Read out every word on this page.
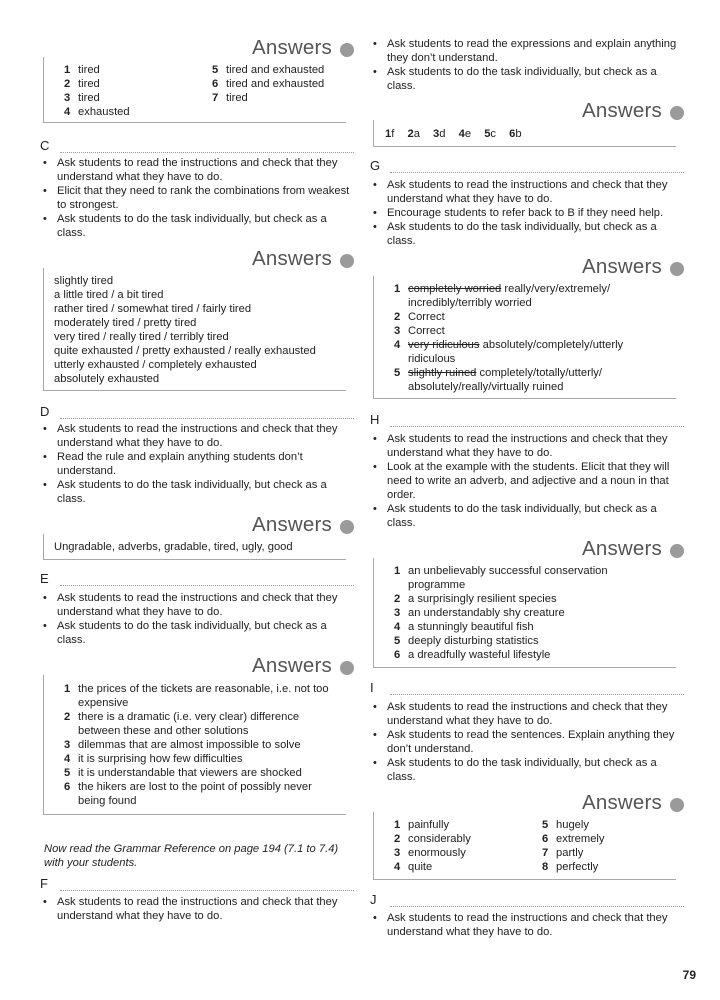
Answers
1 tired
2 tired
3 tired
4 exhausted
5 tired and exhausted
6 tired and exhausted
7 tired
C
• Ask students to read the instructions and check that they understand what they have to do.
• Elicit that they need to rank the combinations from weakest to strongest.
• Ask students to do the task individually, but check as a class.
Answers
slightly tired
a little tired / a bit tired
rather tired / somewhat tired / fairly tired
moderately tired / pretty tired
very tired / really tired / terribly tired
quite exhausted / pretty exhausted / really exhausted
utterly exhausted / completely exhausted
absolutely exhausted
D
• Ask students to read the instructions and check that they understand what they have to do.
• Read the rule and explain anything students don’t understand.
• Ask students to do the task individually, but check as a class.
Answers
Ungradable, adverbs, gradable, tired, ugly, good
E
• Ask students to read the instructions and check that they understand what they have to do.
• Ask students to do the task individually, but check as a class.
Answers
1 the prices of the tickets are reasonable, i.e. not too expensive
2 there is a dramatic (i.e. very clear) difference between these and other solutions
3 dilemmas that are almost impossible to solve
4 it is surprising how few difficulties
5 it is understandable that viewers are shocked
6 the hikers are lost to the point of possibly never being found
Now read the Grammar Reference on page 194 (7.1 to 7.4) with your students.
F
• Ask students to read the instructions and check that they understand what they have to do.
• Ask students to read the expressions and explain anything they don’t understand.
• Ask students to do the task individually, but check as a class.
Answers
1f 2a 3d 4e 5c 6b
G
• Ask students to read the instructions and check that they understand what they have to do.
• Encourage students to refer back to B if they need help.
• Ask students to do the task individually, but check as a class.
Answers
1 completely worried really/very/extremely/ incredibly/terribly worried
2 Correct
3 Correct
4 very ridiculous absolutely/completely/utterly ridiculous
5 slightly ruined completely/totally/utterly/ absolutely/really/virtually ruined
H
• Ask students to read the instructions and check that they understand what they have to do.
• Look at the example with the students. Elicit that they will need to write an adverb, and adjective and a noun in that order.
• Ask students to do the task individually, but check as a class.
Answers
1 an unbelievably successful conservation programme
2 a surprisingly resilient species
3 an understandably shy creature
4 a stunningly beautiful fish
5 deeply disturbing statistics
6 a dreadfully wasteful lifestyle
I
• Ask students to read the instructions and check that they understand what they have to do.
• Ask students to read the sentences. Explain anything they don’t understand.
• Ask students to do the task individually, but check as a class.
Answers
1 painfully
2 considerably
3 enormously
4 quite
5 hugely
6 extremely
7 partly
8 perfectly
J
• Ask students to read the instructions and check that they understand what they have to do.
79
